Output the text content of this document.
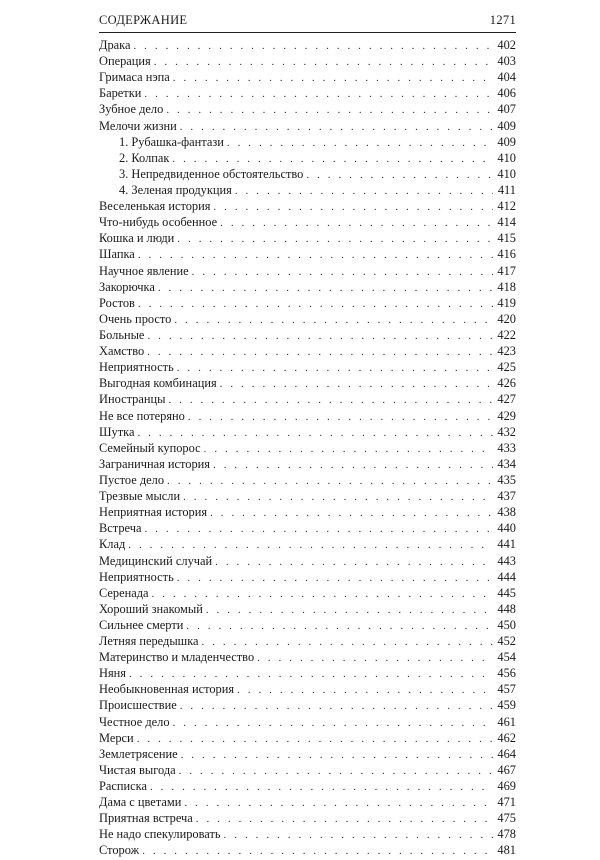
СОДЕРЖАНИЕ	1271
Драка . . .	402
Операция . . .	403
Гримаса нэпа . . .	404
Баретки . . .	406
Зубное дело . . .	407
Мелочи жизни . . .	409
1. Рубашка-фантази . . .	409
2. Колпак . . .	410
3. Непредвиденное обстоятельство . . .	410
4. Зеленая продукция . . .	411
Веселенькая история . . .	412
Что-нибудь особенное . . .	414
Кошка и люди . . .	415
Шапка . . .	416
Научное явление . . .	417
Закорючка . . .	418
Ростов . . .	419
Очень просто . . .	420
Больные . . .	422
Хамство . . .	423
Неприятность . . .	425
Выгодная комбинация . . .	426
Иностранцы . . .	427
Не все потеряно . . .	429
Шутка . . .	432
Семейный купорос . . .	433
Заграничная история . . .	434
Пустое дело . . .	435
Трезвые мысли . . .	437
Неприятная история . . .	438
Встреча . . .	440
Клад . . .	441
Медицинский случай . . .	443
Неприятность . . .	444
Серенада . . .	445
Хороший знакомый . . .	448
Сильнее смерти . . .	450
Летняя передышка . . .	452
Материнство и младенчество . . .	454
Няня . . .	456
Необыкновенная история . . .	457
Происшествие . . .	459
Честное дело . . .	461
Мерси . . .	462
Землетрясение . . .	464
Чистая выгода . . .	467
Расписка . . .	469
Дама с цветами . . .	471
Приятная встреча . . .	475
Не надо спекулировать . . .	478
Сторож . . .	481
